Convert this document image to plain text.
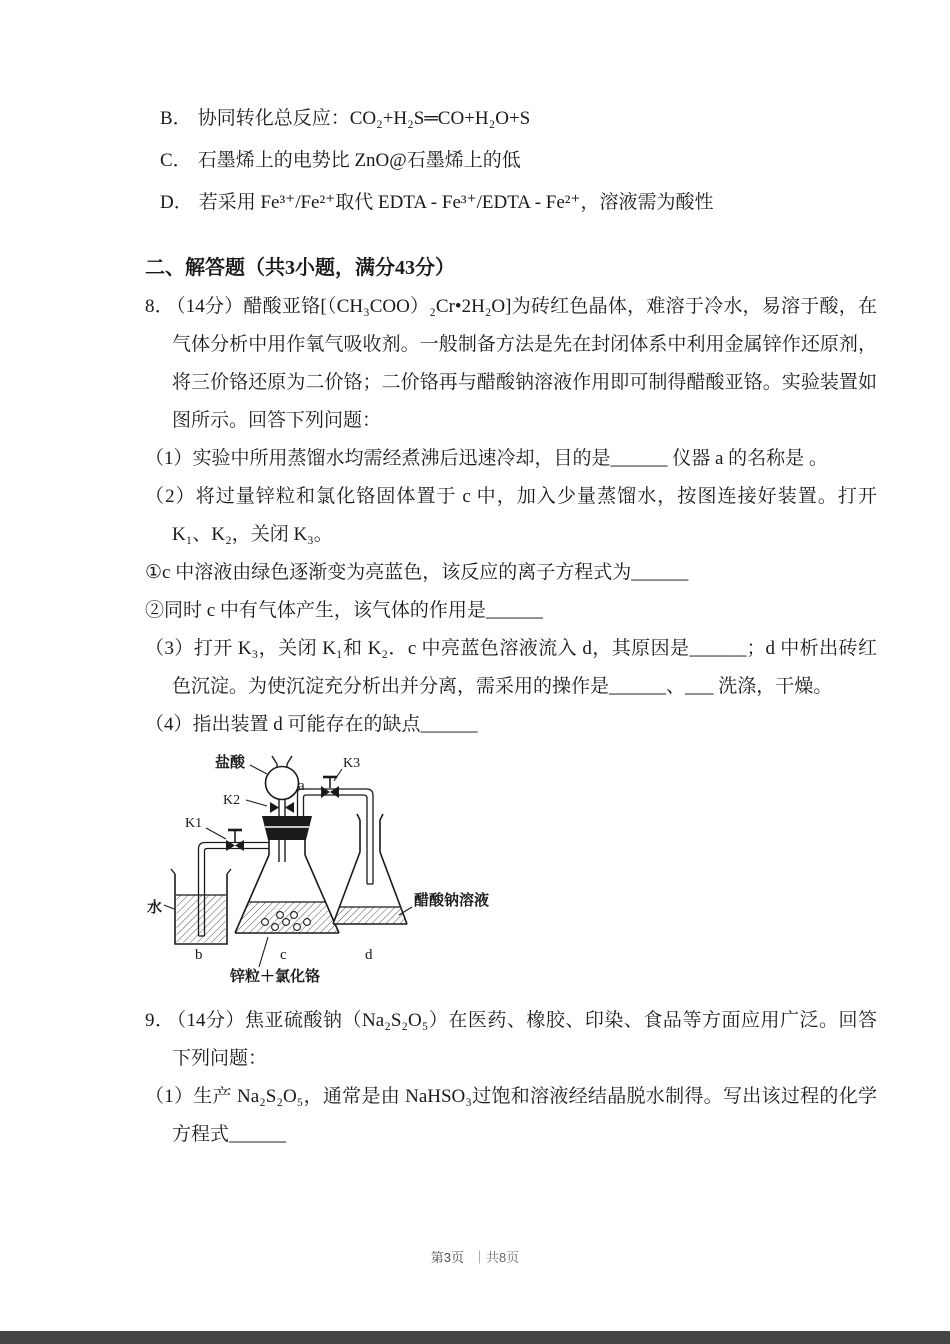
B． 协同转化总反应：CO₂+H₂S═CO+H₂O+S
C． 石墨烯上的电势比 ZnO@石墨烯上的低
D． 若采用 Fe³⁺/Fe²⁺取代 EDTA - Fe³⁺/EDTA - Fe²⁺，溶液需为酸性
二、解答题（共3小题，满分43分）

8． （14分）醋酸亚铬[（CH₃COO）₂Cr•2H₂O]为砖红色晶体，难溶于冷水，易溶于酸，在气体分析中用作氧气吸收剂。一般制备方法是先在封闭体系中利用金属锌作还原剂，将三价铬还原为二价铬；二价铬再与醋酸钠溶液作用即可制得醋酸亚铬。实验装置如图所示。回答下列问题：

（1）实验中所用蒸馏水均需经煮沸后迅速冷却，目的是______ 仪器 a 的名称是 。

（2）将过量锌粒和氯化铬固体置于 c 中，加入少量蒸馏水，按图连接好装置。打开 K₁、K₂，关闭 K₃。

①c 中溶液由绿色逐渐变为亮蓝色，该反应的离子方程式为______

②同时 c 中有气体产生，该气体的作用是______

（3）打开 K₃，关闭 K₁和 K₂．c 中亮蓝色溶液流入 d，其原因是______；d 中析出砖红色沉淀。为使沉淀充分析出并分离，需采用的操作是______、___ 洗涤，干燥。

（4）指出装置 d 可能存在的缺点______

水
K1
盐酸
a
K2
K3
醋酸钠溶液
b	c	d
锌粒＋氯化铬

9． （14分）焦亚硫酸钠（Na₂S₂O₅）在医药、橡胶、印染、食品等方面应用广泛。回答下列问题：

（1）生产 Na₂S₂O₅，通常是由 NaHSO₃过饱和溶液经结晶脱水制得。写出该过程的化学方程式______

第3页 ｜共8页
